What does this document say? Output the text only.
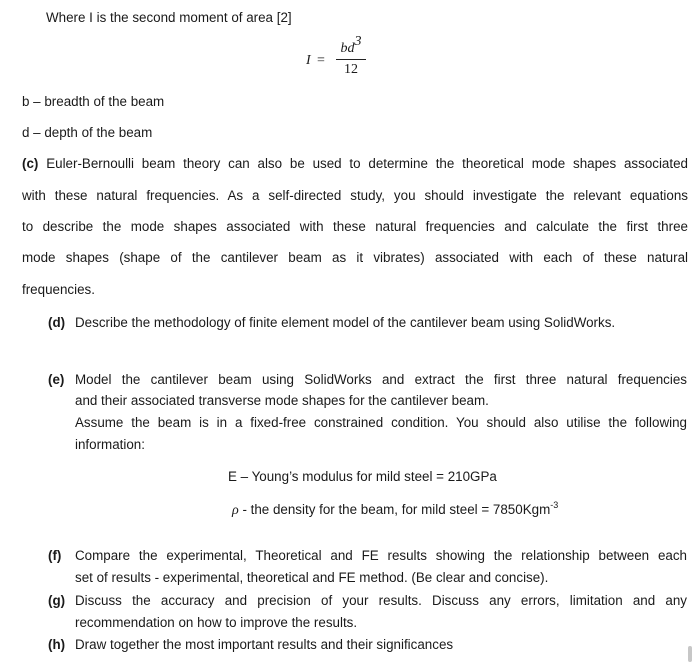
Where I is the second moment of area [2]
I =
$bd^3$
12
b – breadth of the beam
d – depth of the beam
(c) Euler-Bernoulli beam theory can also be used to determine the theoretical mode shapes associated
with these natural frequencies. As a self-directed study, you should investigate the relevant equations
to describe the mode shapes associated with these natural frequencies and calculate the first three
mode shapes (shape of the cantilever beam as it vibrates) associated with each of these natural
frequencies.
(d) Describe the methodology of finite element model of the cantilever beam using SolidWorks.
(e) Model the cantilever beam using SolidWorks and extract the first three natural frequencies
and their associated transverse mode shapes for the cantilever beam.
Assume the beam is in a fixed-free constrained condition. You should also utilise the following
information:
E – Young’s modulus for mild steel = 210GPa
ρ - the density for the beam, for mild steel = 7850Kgm$^{-3}$
(f) Compare the experimental, Theoretical and FE results showing the relationship between each
set of results - experimental, theoretical and FE method. (Be clear and concise).
(g) Discuss the accuracy and precision of your results. Discuss any errors, limitation and any
recommendation on how to improve the results.
(h) Draw together the most important results and their significances
